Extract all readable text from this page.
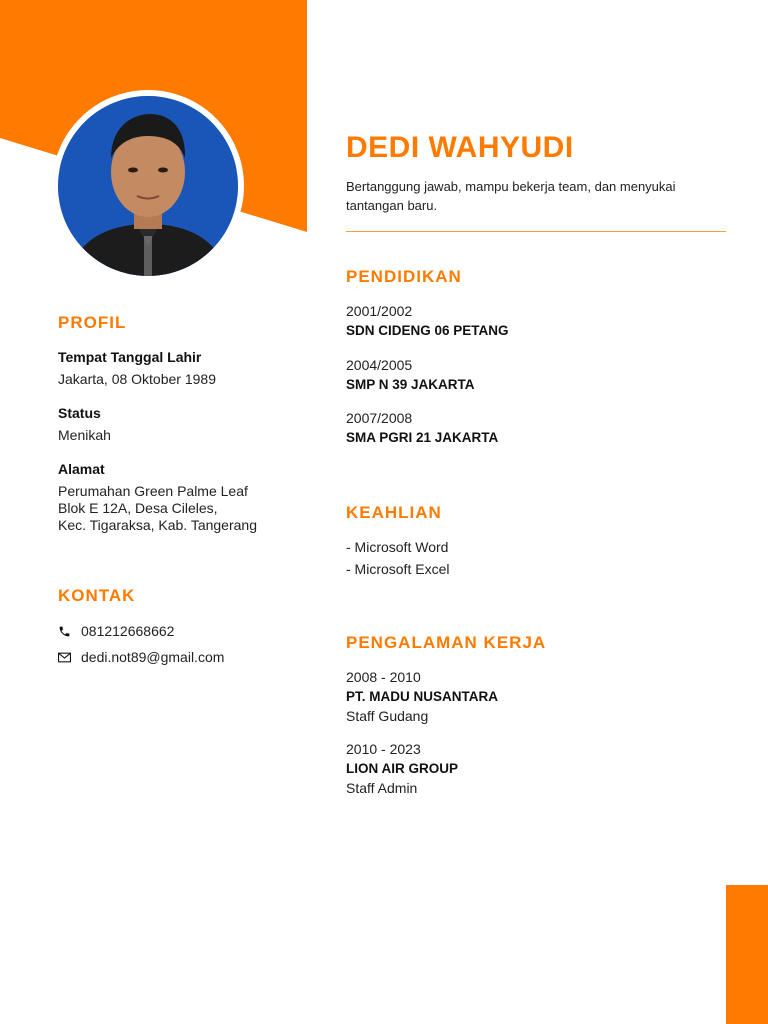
DEDI WAHYUDI
Bertanggung jawab, mampu bekerja team, dan menyukai tantangan baru.
PROFIL
Tempat Tanggal Lahir
Jakarta, 08 Oktober 1989
Status
Menikah
Alamat
Perumahan Green Palme Leaf
Blok E 12A, Desa Cileles,
Kec. Tigaraksa, Kab. Tangerang
KONTAK
081212668662
dedi.not89@gmail.com
PENDIDIKAN
2001/2002
SDN CIDENG 06 PETANG
2004/2005
SMP N 39 JAKARTA
2007/2008
SMA PGRI 21 JAKARTA
KEAHLIAN
- Microsoft Word
- Microsoft Excel
PENGALAMAN KERJA
2008 - 2010
PT. MADU NUSANTARA
Staff Gudang
2010 - 2023
LION AIR GROUP
Staff Admin
